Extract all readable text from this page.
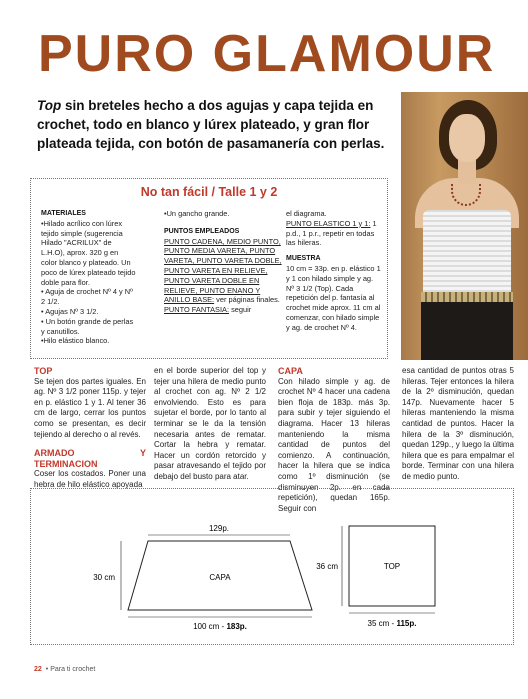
PURO GLAMOUR
Top sin breteles hecho a dos agujas y capa tejida en crochet, todo en blanco y lúrex plateado, y gran flor plateada tejida, con botón de pasamanería con perlas.
No tan fácil / Talle 1 y 2
MATERIALES
•Hilado acrílico con lúrex tejido simple (sugerencia Hilado "ACRILUX" de L.H.O), aprox. 320 g en color blanco y plateado. Un poco de lúrex plateado tejido doble para flor.
• Aguja de crochet Nº 4 y Nº 2 1/2.
• Agujas Nº 3 1/2.
• Un botón grande de perlas y canutillos.
•Hilo elástico blanco.
•Un gancho grande.
PUNTOS EMPLEADOS
PUNTO CADENA, MEDIO PUNTO, PUNTO MEDIA VARETA, PUNTO VARETA, PUNTO VARETA DOBLE, PUNTO VARETA EN RELIEVE, PUNTO VARETA DOBLE EN RELIEVE, PUNTO ENANO Y ANILLO BASE: ver páginas finales.
PUNTO FANTASIA: seguir
el diagrama.
PUNTO ELASTICO 1 y 1: 1 p.d., 1 p.r., repetir en todas las hileras.
MUESTRA
10 cm = 33p. en p. elástico 1 y 1 con hilado simple y ag. Nº 3 1/2 (Top). Cada repetición del p. fantasía al crochet mide aprox. 11 cm al comenzar, con hilado simple y ag. de crochet Nº 4.
TOP
Se tejen dos partes iguales. En ag. Nº 3 1/2 poner 115p. y tejer en p. elástico 1 y 1. Al tener 36 cm de largo, cerrar los puntos como se presentan, es decir tejiendo al derecho o al revés.
ARMADO Y TERMINACION
Coser los costados. Poner una hebra de hilo elástico apoyada
en el borde superior del top y tejer una hilera de medio punto al crochet con ag. Nº 2 1/2 envolviendo. Esto es para sujetar el borde, por lo tanto al terminar se le da la tensión necesaria antes de rematar. Cortar la hebra y rematar. Hacer un cordón retorcido y pasar atravesando el tejido por debajo del busto para atar.
CAPA
Con hilado simple y ag. de crochet Nº 4 hacer una cadena bien floja de 183p. más 3p. para subir y tejer siguiendo el diagrama. Hacer 13 hileras manteniendo la misma cantidad de puntos del comienzo. A continuación, hacer la hilera que se indica como 1º disminución (se disminuyen 2p. en cada repetición), quedan 165p. Seguir con
esa cantidad de puntos otras 5 hileras. Tejer entonces la hilera de la 2º disminución, quedan 147p. Nuevamente hacer 5 hileras manteniendo la misma cantidad de puntos. Hacer la hilera de la 3º disminución, quedan 129p., y luego la última hilera que es para empalmar el borde. Terminar con una hilera de medio punto.
129p.
30 cm	CAPA
100 cm - 183p.
36 cm	TOP
35 cm - 115p.
22 • Para ti crochet
